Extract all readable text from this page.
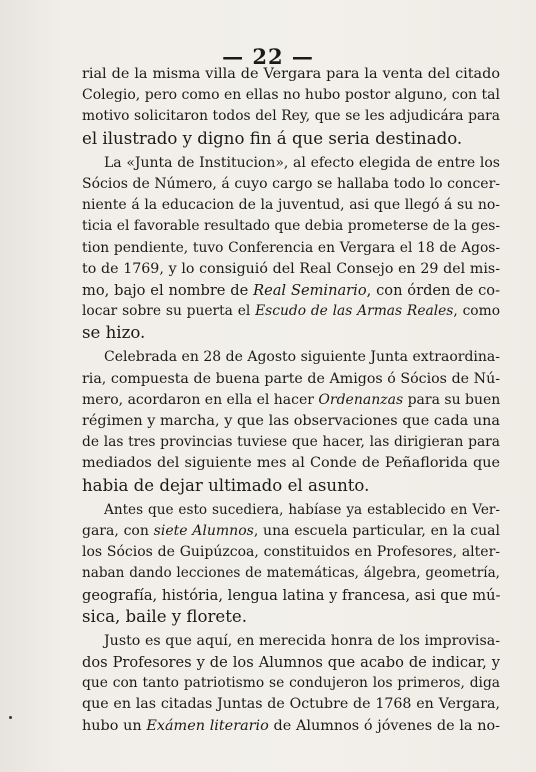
— 22 —
rial de la misma villa de Vergara para la venta del citado
Colegio, pero como en ellas no hubo postor alguno, con tal
motivo solicitaron todos del Rey, que se les adjudicára para
el ilustrado y digno fin á que seria destinado.
La «Junta de Institucion», al efecto elegida de entre los
Sócios de Número, á cuyo cargo se hallaba todo lo concer-
niente á la educacion de la juventud, asi que llegó á su no-
ticia el favorable resultado que debia prometerse de la ges-
tion pendiente, tuvo Conferencia en Vergara el 18 de Agos-
to de 1769, y lo consiguió del Real Consejo en 29 del mis-
mo, bajo el nombre de Real Seminario, con órden de co-
locar sobre su puerta el Escudo de las Armas Reales, como
se hizo.
Celebrada en 28 de Agosto siguiente Junta extraordina-
ria, compuesta de buena parte de Amigos ó Sócios de Nú-
mero, acordaron en ella el hacer Ordenanzas para su buen
régimen y marcha, y que las observaciones que cada una
de las tres provincias tuviese que hacer, las dirigieran para
mediados del siguiente mes al Conde de Peñaflorida que
habia de dejar ultimado el asunto.
Antes que esto sucediera, habíase ya establecido en Ver-
gara, con siete Alumnos, una escuela particular, en la cual
los Sócios de Guipúzcoa, constituidos en Profesores, alter-
naban dando lecciones de matemáticas, álgebra, geometría,
geografía, história, lengua latina y francesa, asi que mú-
sica, baile y florete.
Justo es que aquí, en merecida honra de los improvisa-
dos Profesores y de los Alumnos que acabo de indicar, y
que con tanto patriotismo se condujeron los primeros, diga
que en las citadas Juntas de Octubre de 1768 en Vergara,
hubo un Exámen literario de Alumnos ó jóvenes de la no-
